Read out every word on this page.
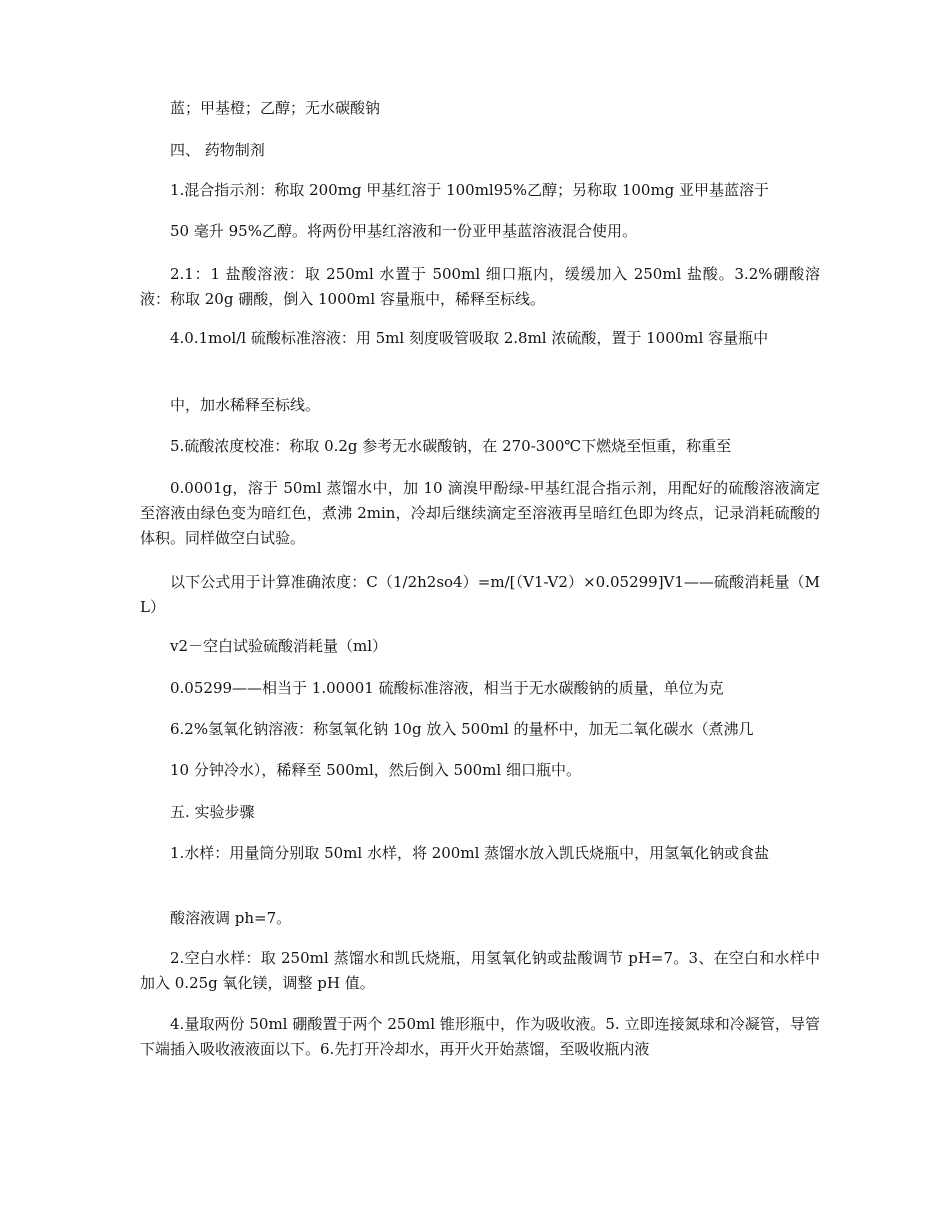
蓝；甲基橙；乙醇；无水碳酸钠

四、 药物制剂

1.混合指示剂：称取 200mg 甲基红溶于 100ml95%乙醇；另称取 100mg 亚甲基蓝溶于

50 毫升 95%乙醇。将两份甲基红溶液和一份亚甲基蓝溶液混合使用。

2.1：1 盐酸溶液：取 250ml 水置于 500ml 细口瓶内，缓缓加入 250ml 盐酸。3.2%硼酸溶液：称取 20g 硼酸，倒入 1000ml 容量瓶中，稀释至标线。

4.0.1mol/l 硫酸标准溶液：用 5ml 刻度吸管吸取 2.8ml 浓硫酸，置于 1000ml 容量瓶中

中，加水稀释至标线。

5.硫酸浓度校准：称取 0.2g 参考无水碳酸钠，在 270-300℃下燃烧至恒重，称重至

0.0001g，溶于 50ml 蒸馏水中，加 10 滴溴甲酚绿-甲基红混合指示剂，用配好的硫酸溶液滴定至溶液由绿色变为暗红色，煮沸 2min，冷却后继续滴定至溶液再呈暗红色即为终点，记录消耗硫酸的体积。同样做空白试验。

以下公式用于计算准确浓度：C（1/2h2so4）=m/[（V1-V2）×0.05299]V1——硫酸消耗量（ML）

v2－空白试验硫酸消耗量（ml）

0.05299——相当于 1.00001 硫酸标准溶液，相当于无水碳酸钠的质量，单位为克

6.2%氢氧化钠溶液：称氢氧化钠 10g 放入 500ml 的量杯中，加无二氧化碳水（煮沸几

10 分钟冷水），稀释至 500ml，然后倒入 500ml 细口瓶中。

五. 实验步骤

1.水样：用量筒分别取 50ml 水样，将 200ml 蒸馏水放入凯氏烧瓶中，用氢氧化钠或食盐

酸溶液调 ph=7。

2.空白水样：取 250ml 蒸馏水和凯氏烧瓶，用氢氧化钠或盐酸调节 pH=7。3、在空白和水样中加入 0.25g 氧化镁，调整 pH 值。

4.量取两份 50ml 硼酸置于两个 250ml 锥形瓶中，作为吸收液。5. 立即连接氮球和冷凝管，导管下端插入吸收液液面以下。6.先打开冷却水，再开火开始蒸馏，至吸收瓶内液
